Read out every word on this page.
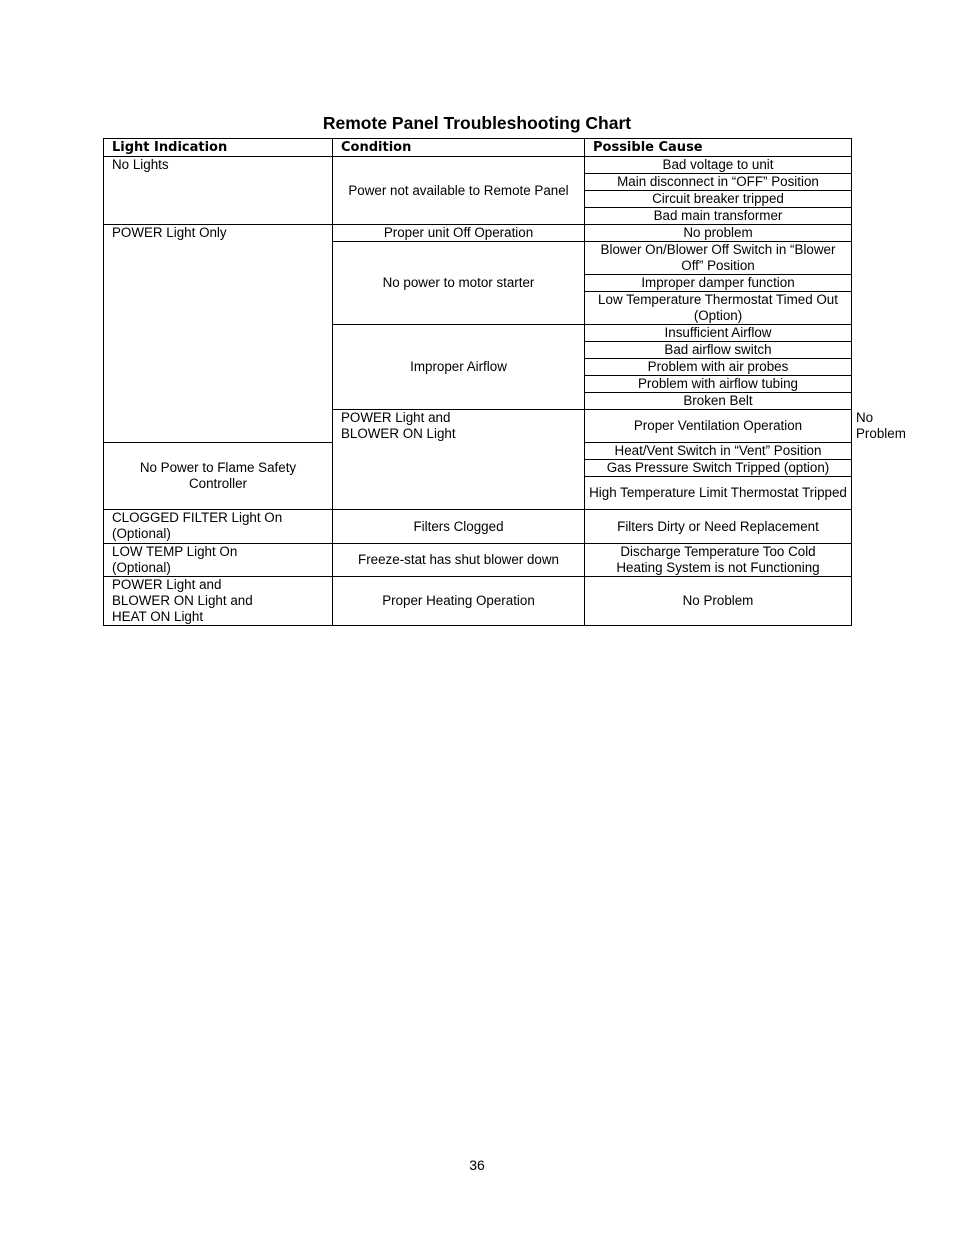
Remote Panel Troubleshooting Chart
Light Indication	Condition	Possible Cause	
No Lights	Power not available to Remote Panel	Bad voltage to unit	
		Main disconnect in “OFF” Position	
		Circuit breaker tripped	
		Bad main transformer	
POWER Light Only	Proper unit Off Operation	No problem	
	No power to motor starter	Blower On/Blower Off Switch in “Blower Off” Position	
		Improper damper function	
		Low Temperature Thermostat Timed Out (Option)	
	Improper Airflow	Insufficient Airflow	
		Bad airflow switch	
		Problem with air probes	
		Problem with airflow tubing	
		Broken Belt	

	POWER Light and BLOWER ON Light	Proper Ventilation Operation	No Problem
No Power to Flame Safety Controller		Heat/Vent Switch in “Vent” Position	
		Gas Pressure Switch Tripped (option)	
		High Temperature Limit Thermostat Tripped	

CLOGGED FILTER Light On (Optional)	Filters Clogged	Filters Dirty or Need Replacement	

LOW TEMP Light On (Optional)	Freeze-stat has shut blower down	Discharge Temperature Too Cold Heating System is not Functioning	

POWER Light and BLOWER ON Light and HEAT ON Light	Proper Heating Operation	No Problem	
36
